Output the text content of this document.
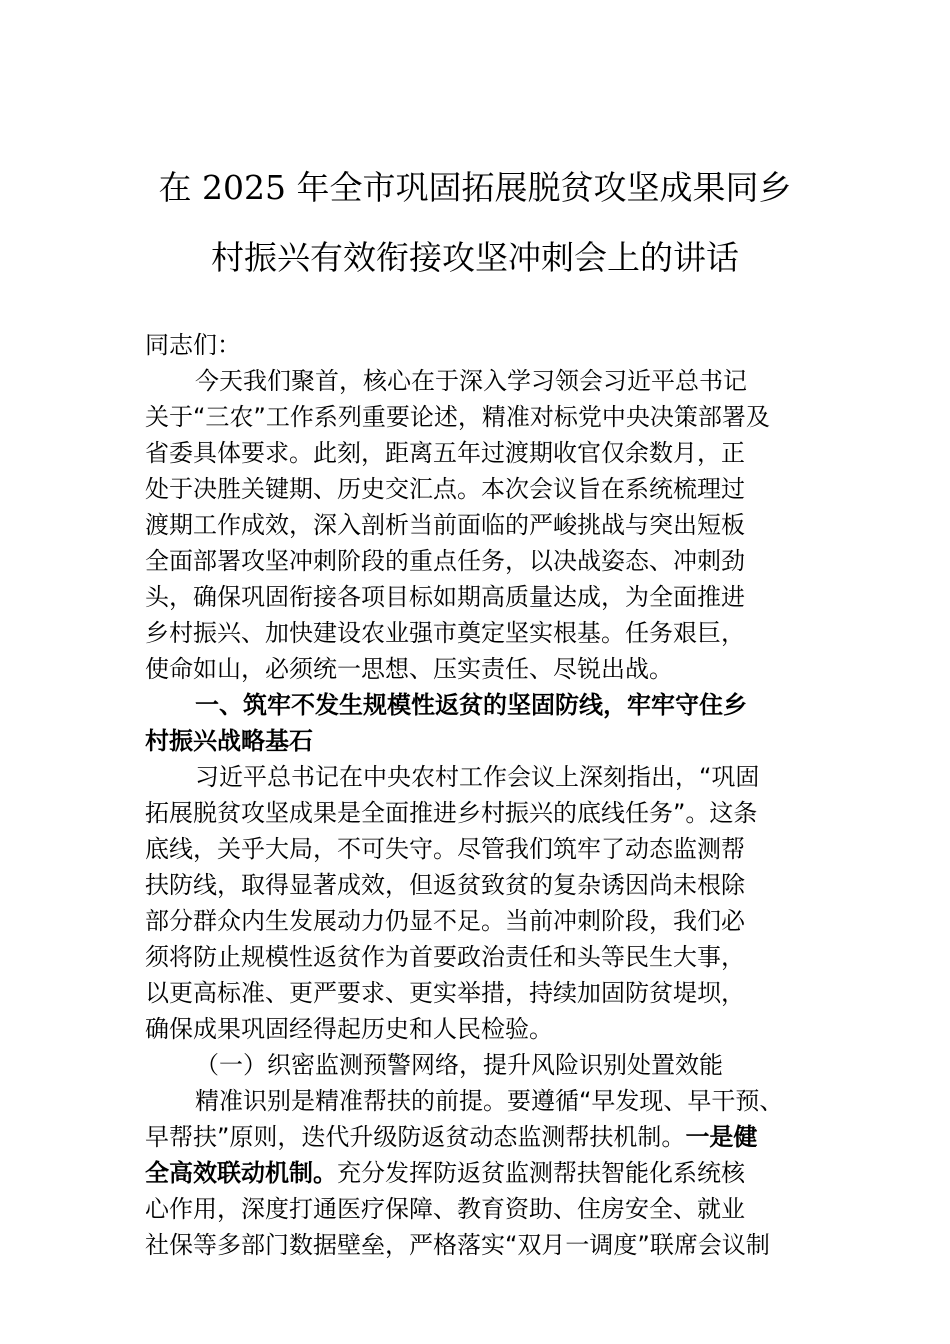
在 2025 年全市巩固拓展脱贫攻坚成果同乡
村振兴有效衔接攻坚冲刺会上的讲话
同志们：
今天我们聚首，核心在于深入学习领会习近平总书记
关于“三农”工作系列重要论述，精准对标党中央决策部署及
省委具体要求。此刻，距离五年过渡期收官仅余数月，正
处于决胜关键期、历史交汇点。本次会议旨在系统梳理过
渡期工作成效，深入剖析当前面临的严峻挑战与突出短板
全面部署攻坚冲刺阶段的重点任务，以决战姿态、冲刺劲
头，确保巩固衔接各项目标如期高质量达成，为全面推进
乡村振兴、加快建设农业强市奠定坚实根基。任务艰巨，
使命如山，必须统一思想、压实责任、尽锐出战。
一、筑牢不发生规模性返贫的坚固防线，牢牢守住乡
村振兴战略基石
习近平总书记在中央农村工作会议上深刻指出，“巩固
拓展脱贫攻坚成果是全面推进乡村振兴的底线任务”。这条
底线，关乎大局，不可失守。尽管我们筑牢了动态监测帮
扶防线，取得显著成效，但返贫致贫的复杂诱因尚未根除
部分群众内生发展动力仍显不足。当前冲刺阶段，我们必
须将防止规模性返贫作为首要政治责任和头等民生大事，
以更高标准、更严要求、更实举措，持续加固防贫堤坝，
确保成果巩固经得起历史和人民检验。
（一）织密监测预警网络，提升风险识别处置效能
精准识别是精准帮扶的前提。要遵循“早发现、早干预、
早帮扶”原则，迭代升级防返贫动态监测帮扶机制。一是健
全高效联动机制。充分发挥防返贫监测帮扶智能化系统核
心作用，深度打通医疗保障、教育资助、住房安全、就业
社保等多部门数据壁垒，严格落实“双月一调度”联席会议制
